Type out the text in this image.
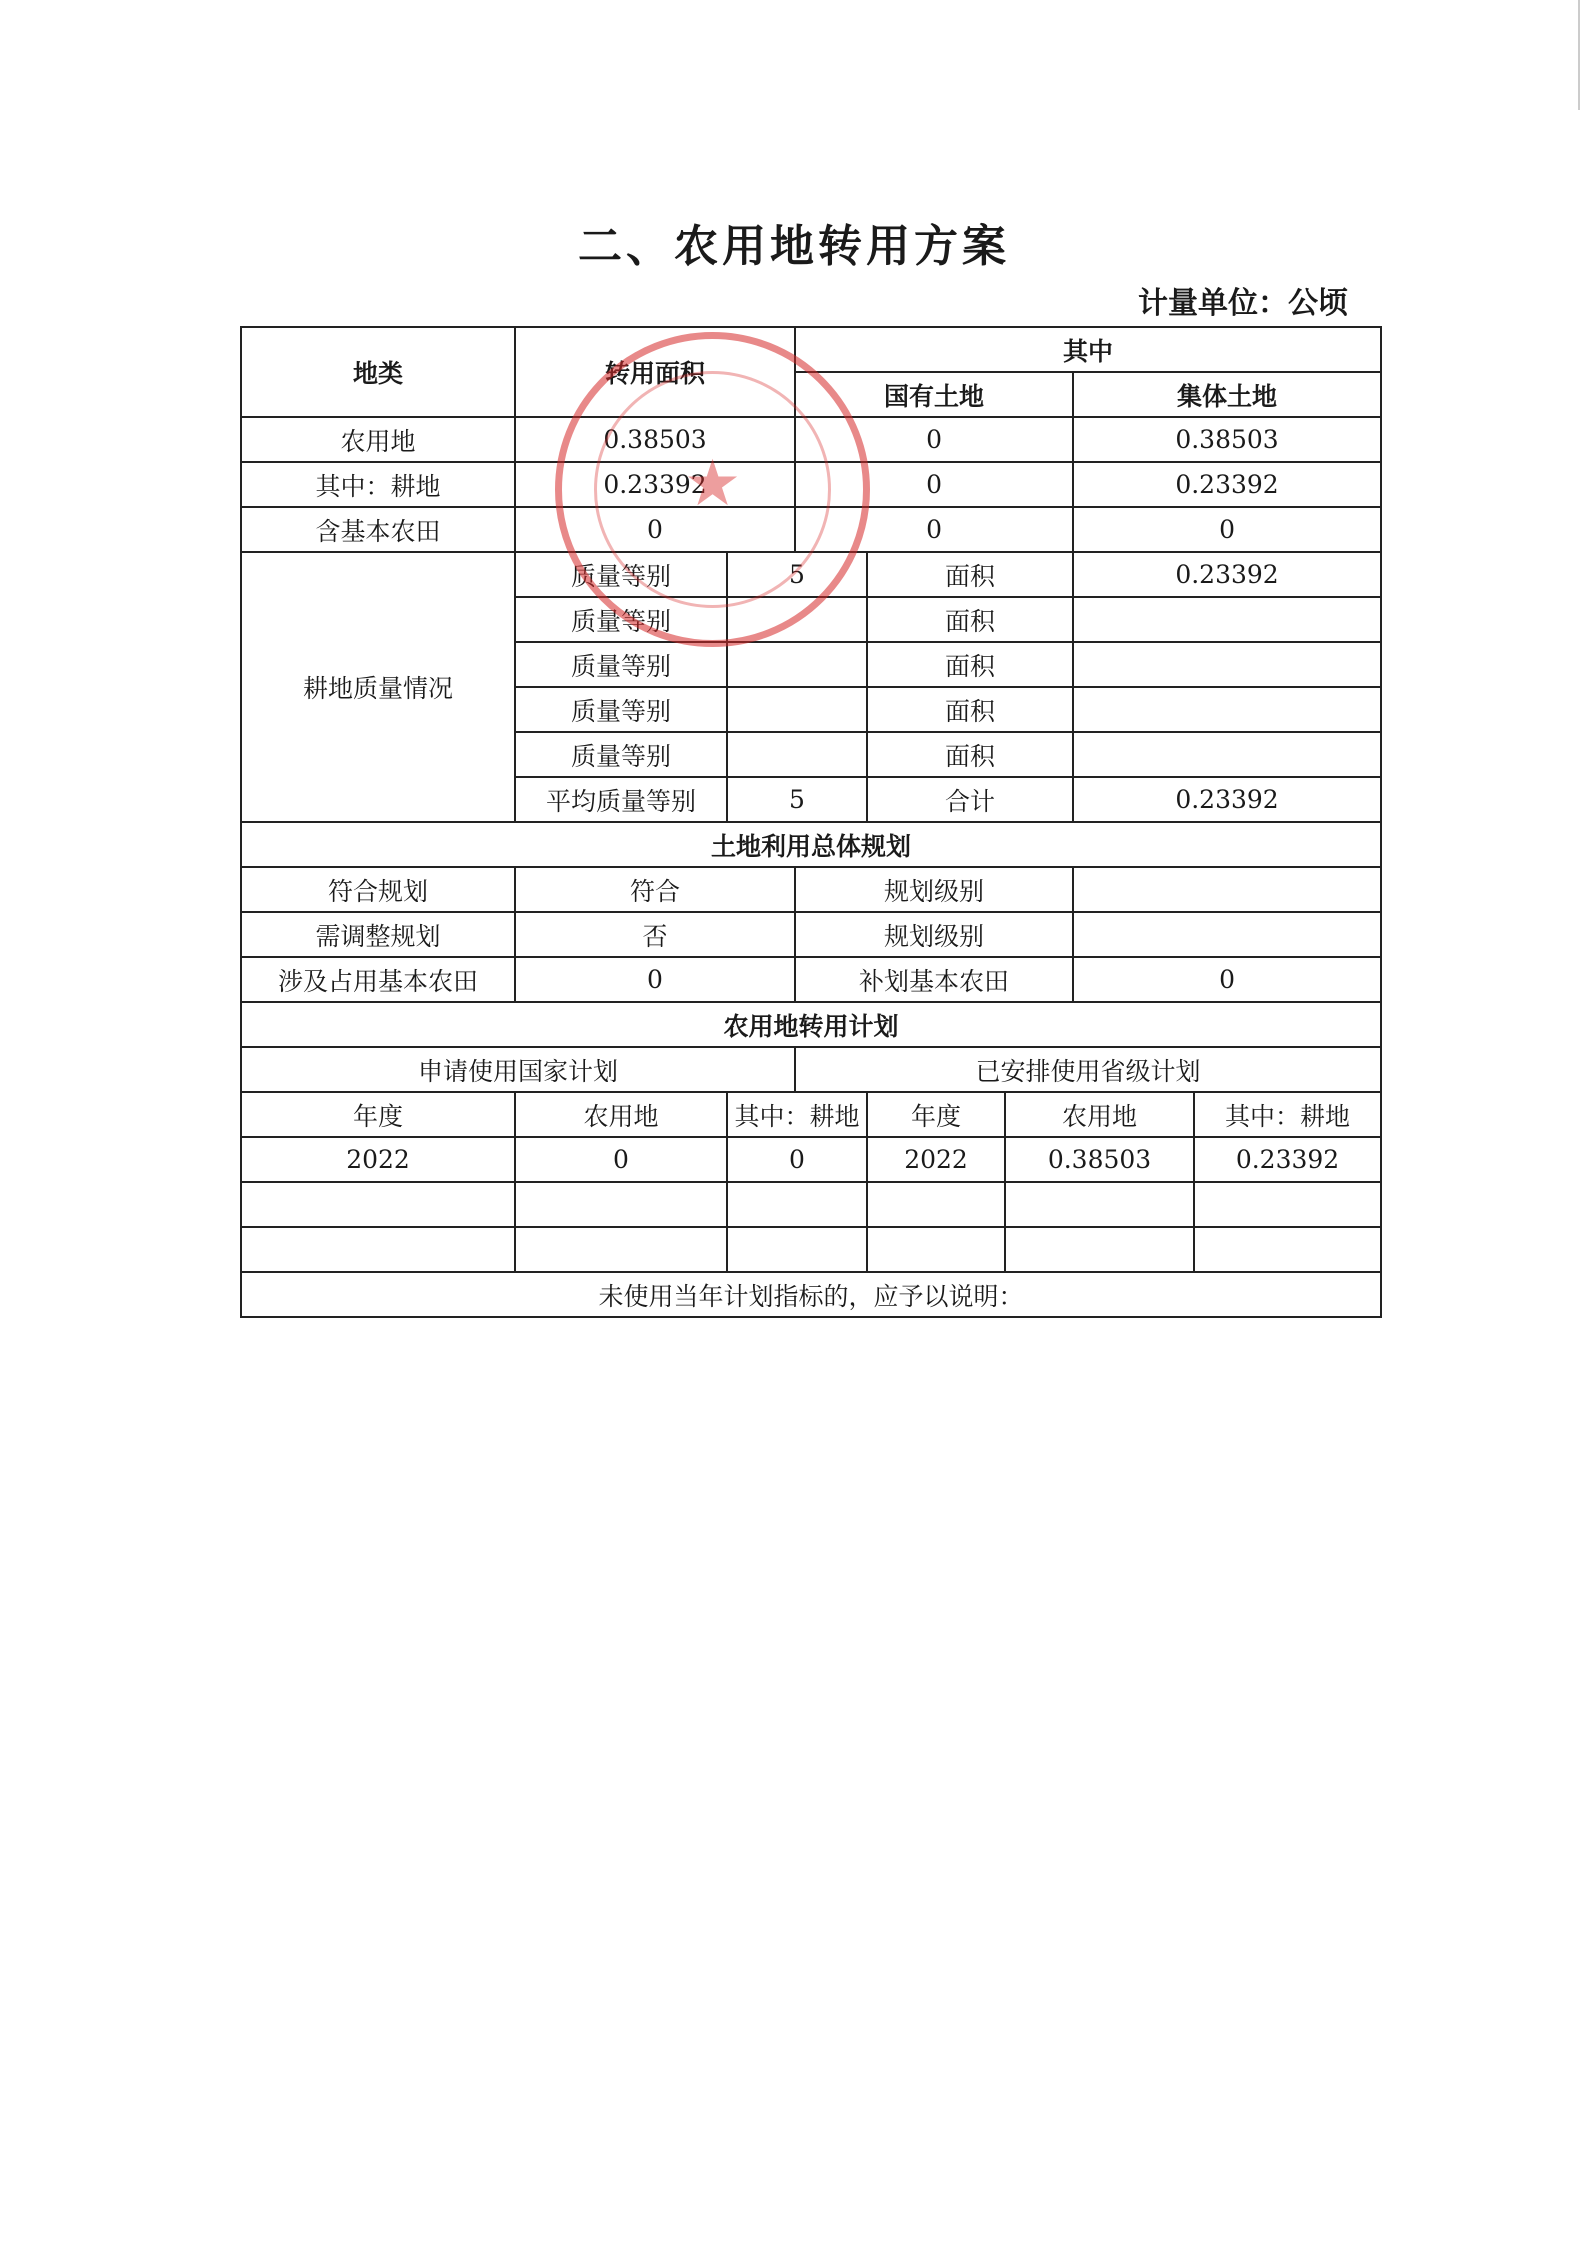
二、农用地转用方案
计量单位：公顷
地类	转用面积		其中				
			国有土地			集体土地	
农用地	0.38503		0			0.38503	
其中：耕地	0.23392		0			0.23392	
含基本农田	0		0			0	
耕地质量情况	质量等别	5		面积		0.23392	
	质量等别			面积			
	质量等别			面积			
	质量等别			面积			
	质量等别			面积			
	平均质量等别	5		合计		0.23392	
土地利用总体规划							
符合规划	符合		规划级别				
需调整规划	否		规划级别				
涉及占用基本农田	0		补划基本农田			0	
农用地转用计划							
申请使用国家计划			已安排使用省级计划				
年度	农用地	其中：耕地		年度	农用地		其中：耕地
2022	0	0		2022	0.38503		0.23392

未使用当年计划指标的，应予以说明：							
★
